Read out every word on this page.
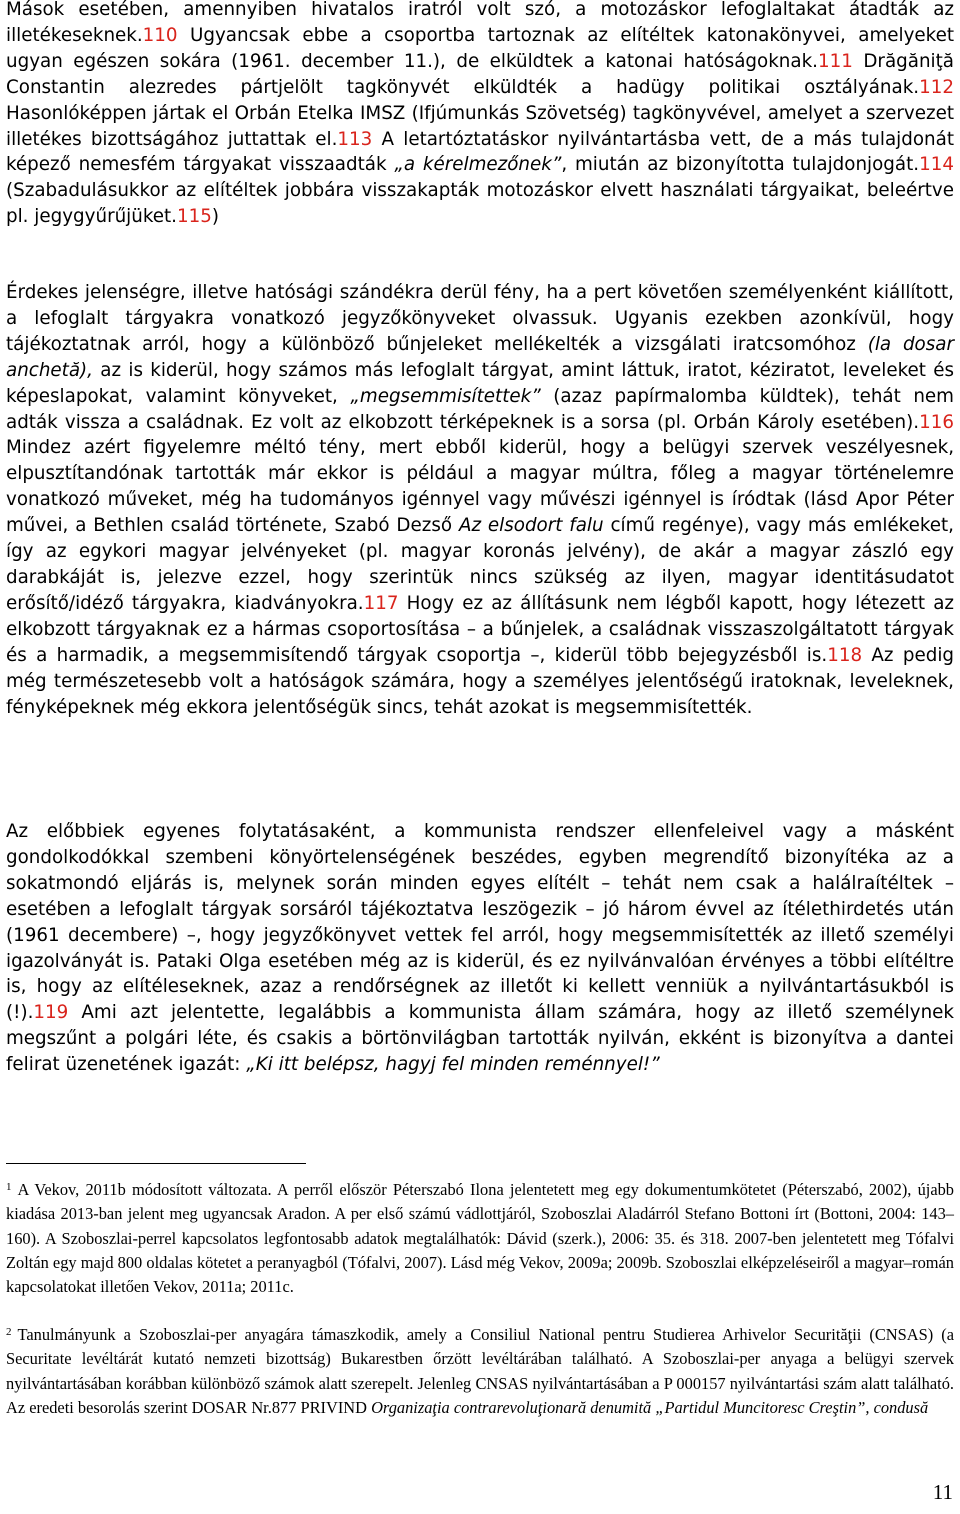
Mások esetében, amennyiben hivatalos iratról volt szó, a motozáskor lefoglaltakat átadták az illetékeseknek.110 Ugyancsak ebbe a csoportba tartoznak az elítéltek katonakönyvei, amelyeket ugyan egészen sokára (1961. december 11.), de elküldtek a katonai hatóságoknak.111 Drăgăniţă Constantin alezredes pártjelölt tagkönyvét elküldték a hadügy politikai osztályának.112 Hasonlóképpen jártak el Orbán Etelka IMSZ (Ifjúmunkás Szövetség) tagkönyvével, amelyet a szervezet illetékes bizottságához juttattak el.113 A letartóztatáskor nyilvántartásba vett, de a más tulajdonát képező nemesfém tárgyakat visszaadták „a kérelmezőnek”, miután az bizonyította tulajdonjogát.114 (Szabadulásukkor az elítéltek jobbára visszakapták motozáskor elvett használati tárgyaikat, beleértve pl. jegygyűrűjüket.115)

Érdekes jelenségre, illetve hatósági szándékra derül fény, ha a pert követően személyenként kiállított, a lefoglalt tárgyakra vonatkozó jegyzőkönyveket olvassuk. Ugyanis ezekben azonkívül, hogy tájékoztatnak arról, hogy a különböző bűnjeleket mellékelték a vizsgálati iratcsomóhoz (la dosar anchetă), az is kiderül, hogy számos más lefoglalt tárgyat, amint láttuk, iratot, kéziratot, leveleket és képeslapokat, valamint könyveket, „megsemmisítettek” (azaz papírmalomba küldtek), tehát nem adták vissza a családnak. Ez volt az elkobzott térképeknek is a sorsa (pl. Orbán Károly esetében).116 Mindez azért figyelemre méltó tény, mert ebből kiderül, hogy a belügyi szervek veszélyesnek, elpusztítandónak tartották már ekkor is például a magyar múltra, főleg a magyar történelemre vonatkozó műveket, még ha tudományos igénnyel vagy művészi igénnyel is íródtak (lásd Apor Péter művei, a Bethlen család története, Szabó Dezső Az elsodort falu című regénye), vagy más emlékeket, így az egykori magyar jelvényeket (pl. magyar koronás jelvény), de akár a magyar zászló egy darabkáját is, jelezve ezzel, hogy szerintük nincs szükség az ilyen, magyar identitásudatot erősítő/idéző tárgyakra, kiadványokra.117 Hogy ez az állításunk nem légből kapott, hogy létezett az elkobzott tárgyaknak ez a hármas csoportosítása – a bűnjelek, a családnak visszaszolgáltatott tárgyak és a harmadik, a megsemmisítendő tárgyak csoportja –, kiderül több bejegyzésből is.118 Az pedig még természetesebb volt a hatóságok számára, hogy a személyes jelentőségű iratoknak, leveleknek, fényképeknek még ekkora jelentőségük sincs, tehát azokat is megsemmisítették.

Az előbbiek egyenes folytatásaként, a kommunista rendszer ellenfeleivel vagy a másként gondolkodókkal szembeni könyörtelenségének beszédes, egyben megrendítő bizonyítéka az a sokatmondó eljárás is, melynek során minden egyes elítélt – tehát nem csak a halálraítéltek – esetében a lefoglalt tárgyak sorsáról tájékoztatva leszögezik – jó három évvel az ítélethirdetés után (1961 decembere) –, hogy jegyzőkönyvet vettek fel arról, hogy megsemmisítették az illető személyi igazolványát is. Pataki Olga esetében még az is kiderül, és ez nyilvánvalóan érvényes a többi elítéltre is, hogy az elítéleseknek, azaz a rendőrségnek az illetőt ki kellett venniük a nyilvántartásukból is (!).119 Ami azt jelentette, legalábbis a kommunista állam számára, hogy az illető személynek megszűnt a polgári léte, és csakis a börtönvilágban tartották nyilván, ekként is bizonyítva a dantei felirat üzenetének igazát: „Ki itt belépsz, hagyj fel minden reménnyel!”

$^1$ A Vekov, 2011b módosított változata. A perről először Péterszabó Ilona jelentetett meg egy dokumentumkötetet (Péterszabó, 2002), újabb kiadása 2013-ban jelent meg ugyancsak Aradon. A per első számú vádlottjáról, Szoboszlai Aladárról Stefano Bottoni írt (Bottoni, 2004: 143–160). A Szoboszlai-perrel kapcsolatos legfontosabb adatok megtalálhatók: Dávid (szerk.), 2006: 35. és 318. 2007-ben jelentetett meg Tófalvi Zoltán egy majd 800 oldalas kötetet a peranyagból (Tófalvi, 2007). Lásd még Vekov, 2009a; 2009b. Szoboszlai elképzeléseiről a magyar–román kapcsolatokat illetően Vekov, 2011a; 2011c.

$^2$ Tanulmányunk a Szoboszlai-per anyagára támaszkodik, amely a Consiliul National pentru Studierea Arhivelor Securităţii (CNSAS) (a Securitate levéltárát kutató nemzeti bizottság) Bukarestben őrzött levéltárában található. A Szoboszlai-per anyaga a belügyi szervek nyilvántartásában korábban különböző számok alatt szerepelt. Jelenleg CNSAS nyilvántartásában a P 000157 nyilvántartási szám alatt található. Az eredeti besorolás szerint DOSAR Nr.877 PRIVIND Organizaţia contrarevoluţionară denumită „Partidul Muncitoresc Creştin”, condusă

11
